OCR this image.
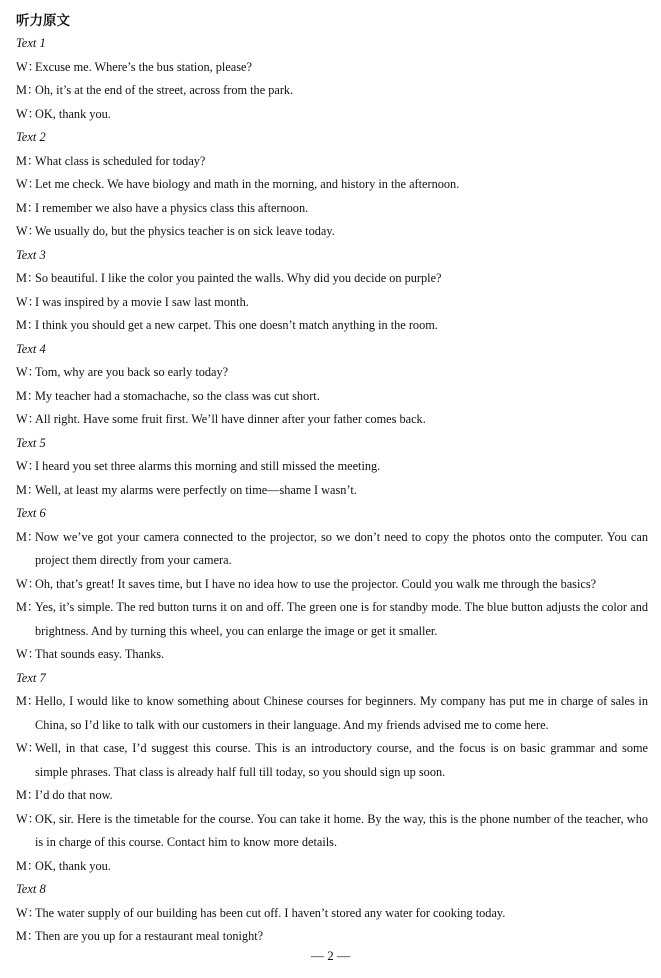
听力原文
Text 1
W：Excuse me. Where’s the bus station, please?
M：Oh, it’s at the end of the street, across from the park.
W：OK, thank you.
Text 2
M：What class is scheduled for today?
W：Let me check. We have biology and math in the morning, and history in the afternoon.
M：I remember we also have a physics class this afternoon.
W：We usually do, but the physics teacher is on sick leave today.
Text 3
M：So beautiful. I like the color you painted the walls. Why did you decide on purple?
W：I was inspired by a movie I saw last month.
M：I think you should get a new carpet. This one doesn’t match anything in the room.
Text 4
W：Tom, why are you back so early today?
M：My teacher had a stomachache, so the class was cut short.
W：All right. Have some fruit first. We’ll have dinner after your father comes back.
Text 5
W：I heard you set three alarms this morning and still missed the meeting.
M：Well, at least my alarms were perfectly on time—shame I wasn’t.
Text 6
M：Now we’ve got your camera connected to the projector, so we don’t need to copy the photos onto the computer. You can project them directly from your camera.
W：Oh, that’s great! It saves time, but I have no idea how to use the projector. Could you walk me through the basics?
M：Yes, it’s simple. The red button turns it on and off. The green one is for standby mode. The blue button adjusts the color and brightness. And by turning this wheel, you can enlarge the image or get it smaller.
W：That sounds easy. Thanks.
Text 7
M：Hello, I would like to know something about Chinese courses for beginners. My company has put me in charge of sales in China, so I’d like to talk with our customers in their language. And my friends advised me to come here.
W：Well, in that case, I’d suggest this course. This is an introductory course, and the focus is on basic grammar and some simple phrases. That class is already half full till today, so you should sign up soon.
M：I’d do that now.
W：OK, sir. Here is the timetable for the course. You can take it home. By the way, this is the phone number of the teacher, who is in charge of this course. Contact him to know more details.
M：OK, thank you.
Text 8
W：The water supply of our building has been cut off. I haven’t stored any water for cooking today.
M：Then are you up for a restaurant meal tonight?
— 2 —
